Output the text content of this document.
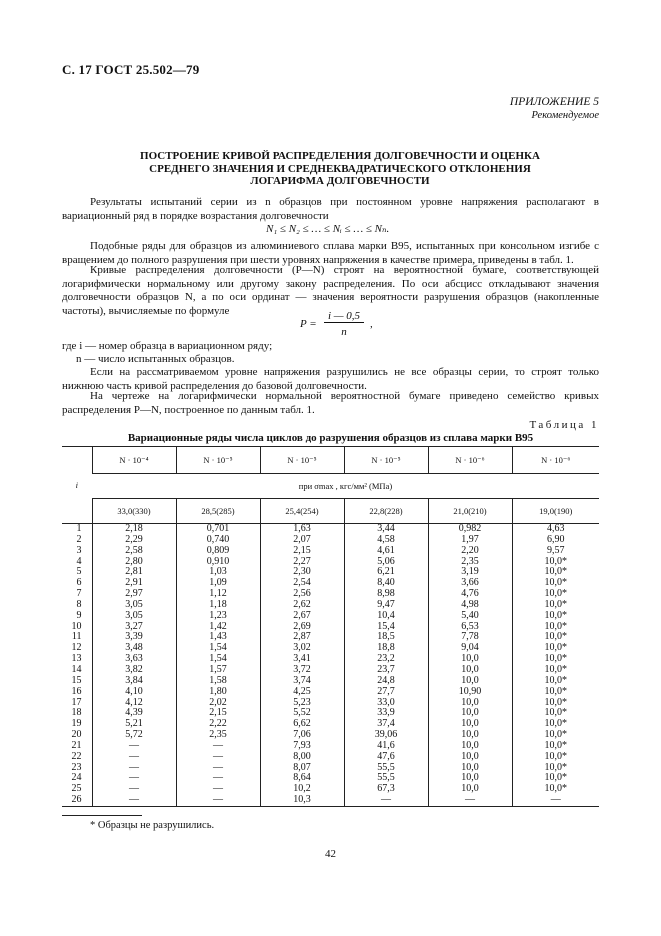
С. 17 ГОСТ 25.502—79
ПРИЛОЖЕНИЕ 5
Рекомендуемое
ПОСТРОЕНИЕ КРИВОЙ РАСПРЕДЕЛЕНИЯ ДОЛГОВЕЧНОСТИ И ОЦЕНКА
СРЕДНЕГО ЗНАЧЕНИЯ И СРЕДНЕКВАДРАТИЧЕСКОГО ОТКЛОНЕНИЯ
ЛОГАРИФМА ДОЛГОВЕЧНОСТИ
Результаты испытаний серии из n образцов при постоянном уровне напряжения располагают в вариационный ряд в порядке возрастания долговечности
N₁ ≤ N₂ ≤ … ≤ Nᵢ ≤ … ≤ Nₙ.
Подобные ряды для образцов из алюминиевого сплава марки В95, испытанных при консольном изгибе с вращением до полного разрушения при шести уровнях напряжения в качестве примера, приведены в табл. 1.
Кривые распределения долговечности (P—N) строят на вероятностной бумаге, соответствующей логарифмически нормальному или другому закону распределения. По оси абсцисс откладывают значения долговечности образцов N, а по оси ординат — значения вероятности разрушения образцов (накопленные частоты), вычисляемые по формуле
P =
i — 0,5
n
,
где i — номер образца в вариационном ряду;
n — число испытанных образцов.
Если на рассматриваемом уровне напряжения разрушились не все образцы серии, то строят только нижнюю часть кривой распределения до базовой долговечности.
На чертеже на логарифмически нормальной вероятностной бумаге приведено семейство кривых распределения P—N, построенное по данным табл. 1.
Таблица 1
Вариационные ряды числа циклов до разрушения образцов из сплава марки В95
i	N · 10⁻⁴	N · 10⁻⁵	N · 10⁻⁵	N · 10⁻⁵	N · 10⁻⁶	N · 10⁻⁶
	при σmax , кгс/мм² (МПа)					
	33,0(330)	28,5(285)	25,4(254)	22,8(228)	21,0(210)	19,0(190)
1	2,18	0,701	1,63	3,44	0,982	4,63
2	2,29	0,740	2,07	4,58	1,97	6,90
3	2,58	0,809	2,15	4,61	2,20	9,57
4	2,80	0,910	2,27	5,06	2,35	10,0*
5	2,81	1,03	2,30	6,21	3,19	10,0*
6	2,91	1,09	2,54	8,40	3,66	10,0*
7	2,97	1,12	2,56	8,98	4,76	10,0*
8	3,05	1,18	2,62	9,47	4,98	10,0*
9	3,05	1,23	2,67	10,4	5,40	10,0*
10	3,27	1,42	2,69	15,4	6,53	10,0*
11	3,39	1,43	2,87	18,5	7,78	10,0*
12	3,48	1,54	3,02	18,8	9,04	10,0*
13	3,63	1,54	3,41	23,2	10,0	10,0*
14	3,82	1,57	3,72	23,7	10,0	10,0*
15	3,84	1,58	3,74	24,8	10,0	10,0*
16	4,10	1,80	4,25	27,7	10,90	10,0*
17	4,12	2,02	5,23	33,0	10,0	10,0*
18	4,39	2,15	5,52	33,9	10,0	10,0*
19	5,21	2,22	6,62	37,4	10,0	10,0*
20	5,72	2,35	7,06	39,06	10,0	10,0*
21	—	—	7,93	41,6	10,0	10,0*
22	—	—	8,00	47,6	10,0	10,0*
23	—	—	8,07	55,5	10,0	10,0*
24	—	—	8,64	55,5	10,0	10,0*
25	—	—	10,2	67,3	10,0	10,0*
26	—	—	10,3	—	—	—
* Образцы не разрушились.
42
